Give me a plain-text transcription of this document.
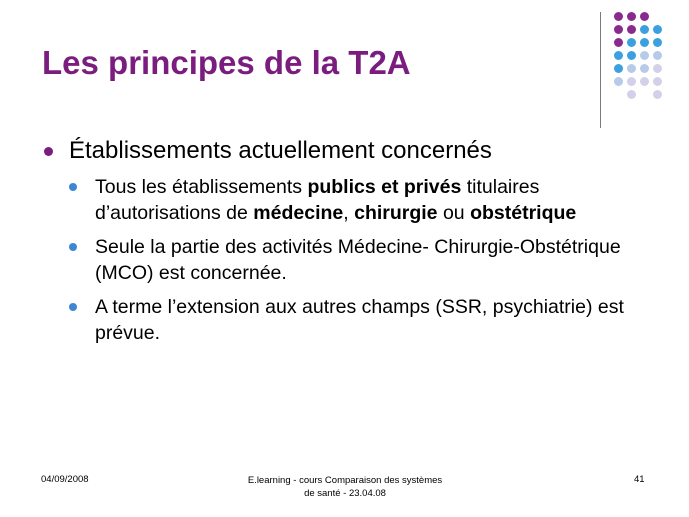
Les principes de la T2A
Établissements actuellement concernés
Tous les établissements publics et privés titulaires d’autorisations de médecine, chirurgie ou obstétrique
Seule la partie des activités Médecine- Chirurgie-Obstétrique (MCO) est concernée.
A terme l’extension aux autres champs (SSR, psychiatrie) est prévue.
04/09/2008	E.learning - cours Comparaison des systèmes
de santé - 23.04.08
41
